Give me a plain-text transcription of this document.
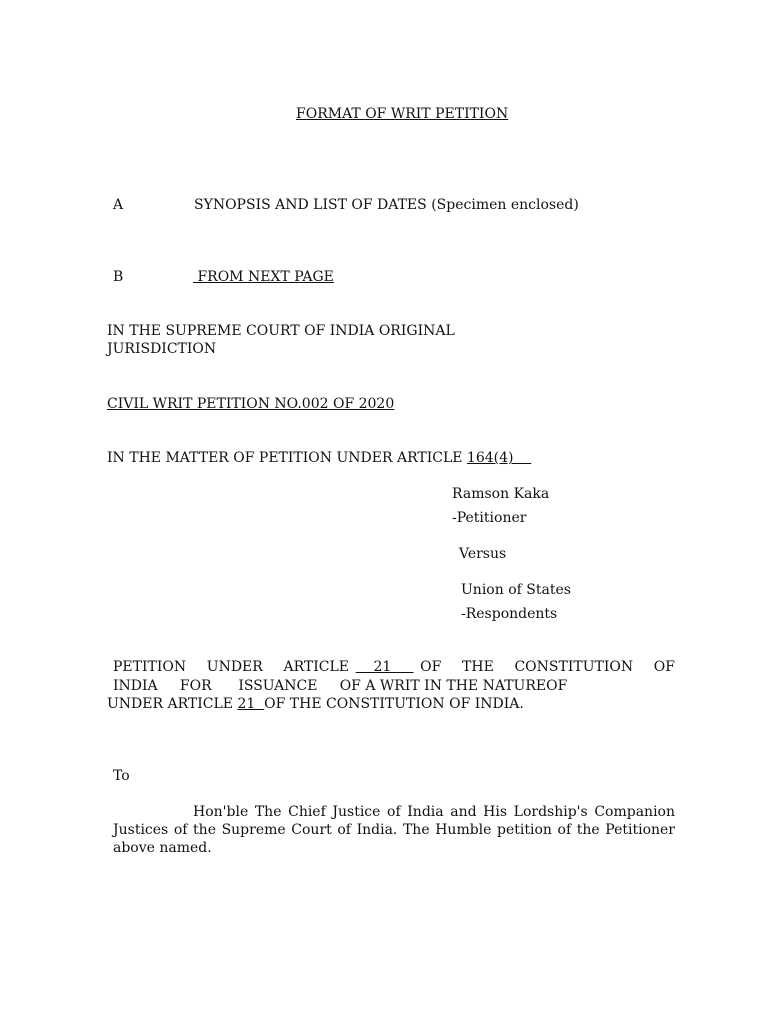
FORMAT OF WRIT PETITION
A	SYNOPSIS AND LIST OF DATES (Specimen enclosed)
B	FROM NEXT PAGE
IN THE SUPREME COURT OF INDIA ORIGINAL
JURISDICTION
CIVIL WRIT PETITION NO.002 OF 2020
IN THE MATTER OF PETITION UNDER ARTICLE 164(4)
Ramson Kaka
-Petitioner
Versus
Union of States
-Respondents
PETITION UNDER ARTICLE 21 OF THE CONSTITUTION OF
INDIA     FOR      ISSUANCE     OF A WRIT IN THE NATUREOF
UNDER ARTICLE 21  OF THE CONSTITUTION OF INDIA.
To
Hon'ble The Chief Justice of India and His Lordship's Companion Justices of the Supreme Court of India. The Humble petition of the Petitioner above named.
